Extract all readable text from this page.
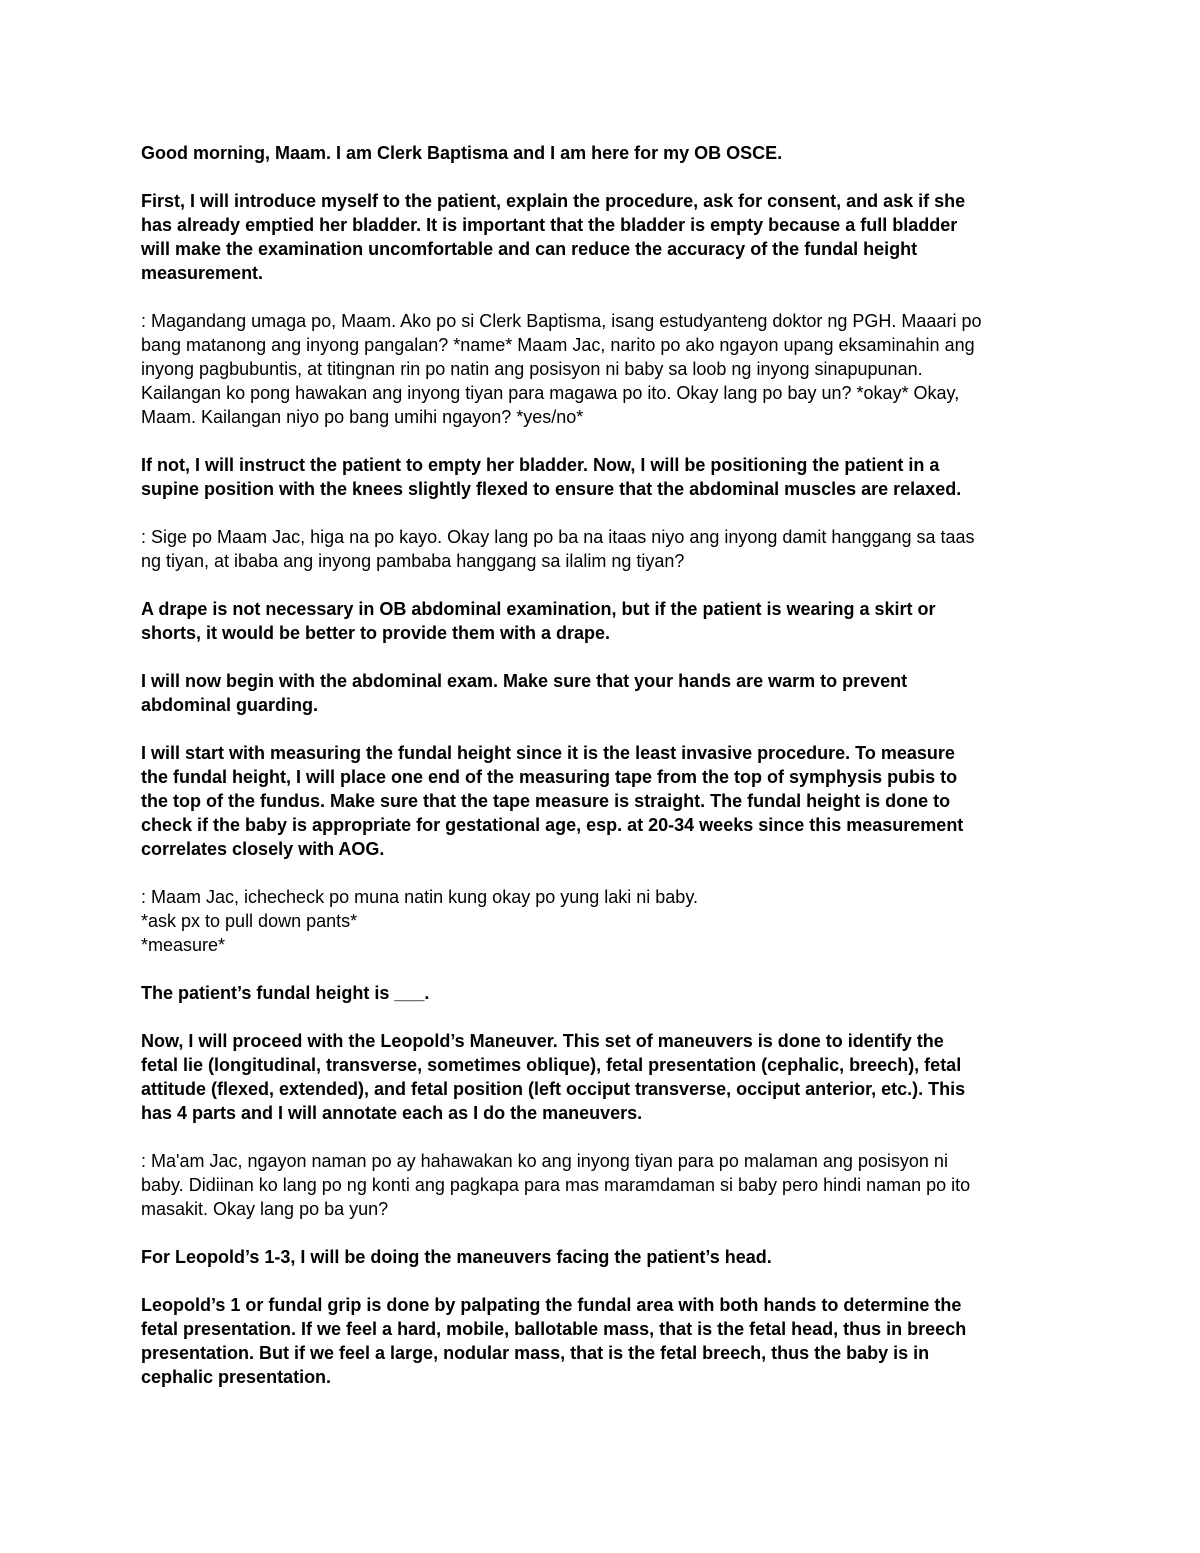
Good morning, Maam. I am Clerk Baptisma and I am here for my OB OSCE.

First, I will introduce myself to the patient, explain the procedure, ask for consent, and ask if she
has already emptied her bladder. It is important that the bladder is empty because a full bladder
will make the examination uncomfortable and can reduce the accuracy of the fundal height
measurement.

: Magandang umaga po, Maam. Ako po si Clerk Baptisma, isang estudyanteng doktor ng PGH. Maaari po
bang matanong ang inyong pangalan? *name* Maam Jac, narito po ako ngayon upang eksaminahin ang
inyong pagbubuntis, at titingnan rin po natin ang posisyon ni baby sa loob ng inyong sinapupunan.
Kailangan ko pong hawakan ang inyong tiyan para magawa po ito. Okay lang po bay un? *okay* Okay,
Maam. Kailangan niyo po bang umihi ngayon? *yes/no*

If not, I will instruct the patient to empty her bladder. Now, I will be positioning the patient in a
supine position with the knees slightly flexed to ensure that the abdominal muscles are relaxed.

: Sige po Maam Jac, higa na po kayo. Okay lang po ba na itaas niyo ang inyong damit hanggang sa taas
ng tiyan, at ibaba ang inyong pambaba hanggang sa ilalim ng tiyan?

A drape is not necessary in OB abdominal examination, but if the patient is wearing a skirt or
shorts, it would be better to provide them with a drape.

I will now begin with the abdominal exam. Make sure that your hands are warm to prevent
abdominal guarding.

I will start with measuring the fundal height since it is the least invasive procedure. To measure
the fundal height, I will place one end of the measuring tape from the top of symphysis pubis to
the top of the fundus. Make sure that the tape measure is straight. The fundal height is done to
check if the baby is appropriate for gestational age, esp. at 20-34 weeks since this measurement
correlates closely with AOG.

: Maam Jac, ichecheck po muna natin kung okay po yung laki ni baby.
*ask px to pull down pants*
*measure*

The patient’s fundal height is ___.

Now, I will proceed with the Leopold’s Maneuver. This set of maneuvers is done to identify the
fetal lie (longitudinal, transverse, sometimes oblique), fetal presentation (cephalic, breech), fetal
attitude (flexed, extended), and fetal position (left occiput transverse, occiput anterior, etc.). This
has 4 parts and I will annotate each as I do the maneuvers.

: Ma'am Jac, ngayon naman po ay hahawakan ko ang inyong tiyan para po malaman ang posisyon ni
baby. Didiinan ko lang po ng konti ang pagkapa para mas maramdaman si baby pero hindi naman po ito
masakit. Okay lang po ba yun?

For Leopold’s 1-3, I will be doing the maneuvers facing the patient’s head.

Leopold’s 1 or fundal grip is done by palpating the fundal area with both hands to determine the
fetal presentation. If we feel a hard, mobile, ballotable mass, that is the fetal head, thus in breech
presentation. But if we feel a large, nodular mass, that is the fetal breech, thus the baby is in
cephalic presentation.
